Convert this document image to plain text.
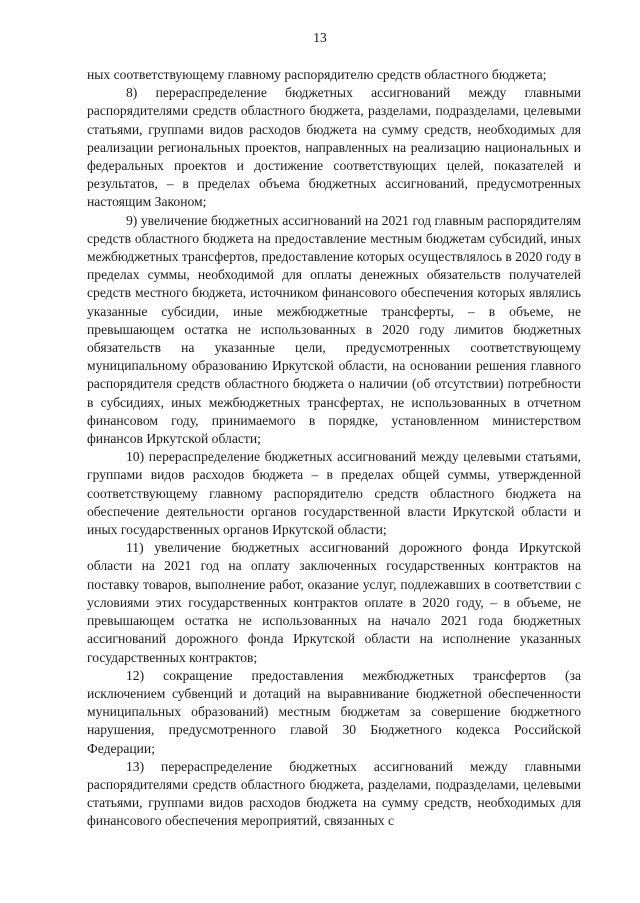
13

ных соответствующему главному распорядителю средств областного бюджета;

8) перераспределение бюджетных ассигнований между главными распорядителями средств областного бюджета, разделами, подразделами, целевыми статьями, группами видов расходов бюджета на сумму средств, необходимых для реализации региональных проектов, направленных на реализацию национальных и федеральных проектов и достижение соответствующих целей, показателей и результатов, – в пределах объема бюджетных ассигнований, предусмотренных настоящим Законом;

9) увеличение бюджетных ассигнований на 2021 год главным распорядителям средств областного бюджета на предоставление местным бюджетам субсидий, иных межбюджетных трансфертов, предоставление которых осуществлялось в 2020 году в пределах суммы, необходимой для оплаты денежных обязательств получателей средств местного бюджета, источником финансового обеспечения которых являлись указанные субсидии, иные межбюджетные трансферты, – в объеме, не превышающем остатка не использованных в 2020 году лимитов бюджетных обязательств на указанные цели, предусмотренных соответствующему муниципальному образованию Иркутской области, на основании решения главного распорядителя средств областного бюджета о наличии (об отсутствии) потребности в субсидиях, иных межбюджетных трансфертах, не использованных в отчетном финансовом году, принимаемого в порядке, установленном министерством финансов Иркутской области;

10) перераспределение бюджетных ассигнований между целевыми статьями, группами видов расходов бюджета – в пределах общей суммы, утвержденной соответствующему главному распорядителю средств областного бюджета на обеспечение деятельности органов государственной власти Иркутской области и иных государственных органов Иркутской области;

11) увеличение бюджетных ассигнований дорожного фонда Иркутской области на 2021 год на оплату заключенных государственных контрактов на поставку товаров, выполнение работ, оказание услуг, подлежавших в соответствии с условиями этих государственных контрактов оплате в 2020 году, – в объеме, не превышающем остатка не использованных на начало 2021 года бюджетных ассигнований дорожного фонда Иркутской области на исполнение указанных государственных контрактов;

12) сокращение предоставления межбюджетных трансфертов (за исключением субвенций и дотаций на выравнивание бюджетной обеспеченности муниципальных образований) местным бюджетам за совершение бюджетного нарушения, предусмотренного главой 30 Бюджетного кодекса Российской Федерации;

13) перераспределение бюджетных ассигнований между главными распорядителями средств областного бюджета, разделами, подразделами, целевыми статьями, группами видов расходов бюджета на сумму средств, необходимых для финансового обеспечения мероприятий, связанных с
